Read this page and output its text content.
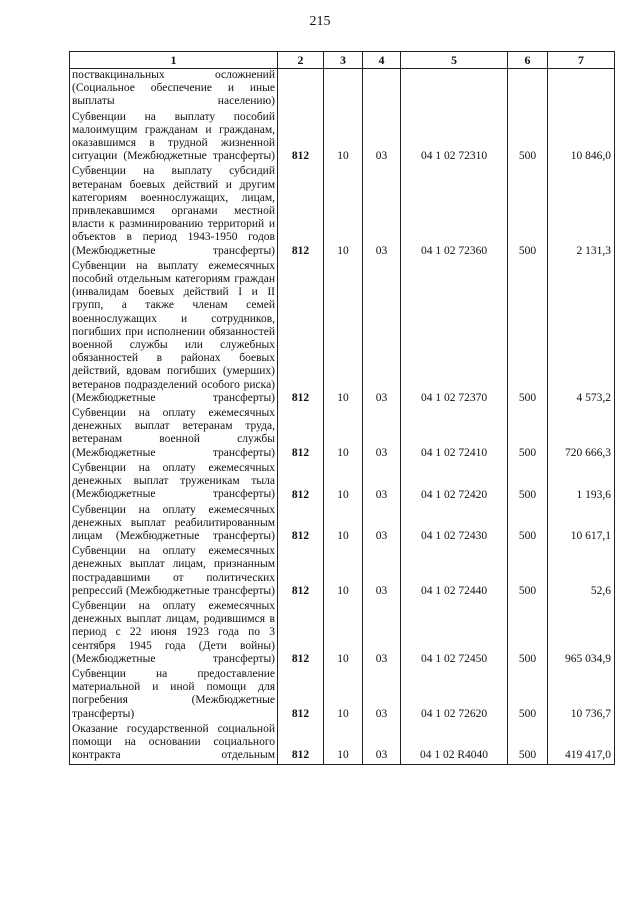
215
1	2	3	4	5	6	7
поствакцинальных осложнений (Социальное обеспечение и иные выплаты населению)						
Субвенции на выплату пособий малоимущим гражданам и гражданам, оказавшимся в трудной жизненной ситуации (Межбюджетные трансферты)	812	10	03	04 1 02 72310	500	10 846,0
Субвенции на выплату субсидий ветеранам боевых действий и другим категориям военнослужащих, лицам, привлекавшимся органами местной власти к разминированию территорий и объектов в период 1943-1950 годов (Межбюджетные трансферты)	812	10	03	04 1 02 72360	500	2 131,3
Субвенции на выплату ежемесячных пособий отдельным категориям граждан (инвалидам боевых действий I и II групп, а также членам семей военнослужащих и сотрудников, погибших при исполнении обязанностей военной службы или служебных обязанностей в районах боевых действий, вдовам погибших (умерших) ветеранов подразделений особого риска) (Межбюджетные трансферты)	812	10	03	04 1 02 72370	500	4 573,2
Субвенции на оплату ежемесячных денежных выплат ветеранам труда, ветеранам военной службы (Межбюджетные трансферты)	812	10	03	04 1 02 72410	500	720 666,3
Субвенции на оплату ежемесячных денежных выплат труженикам тыла (Межбюджетные трансферты)	812	10	03	04 1 02 72420	500	1 193,6
Субвенции на оплату ежемесячных денежных выплат реабилитированным лицам (Межбюджетные трансферты)	812	10	03	04 1 02 72430	500	10 617,1
Субвенции на оплату ежемесячных денежных выплат лицам, признанным пострадавшими от политических репрессий (Межбюджетные трансферты)	812	10	03	04 1 02 72440	500	52,6
Субвенции на оплату ежемесячных денежных выплат лицам, родившимся в период с 22 июня 1923 года по 3 сентября 1945 года (Дети войны) (Межбюджетные трансферты)	812	10	03	04 1 02 72450	500	965 034,9
Субвенции на предоставление материальной и иной помощи для погребения (Межбюджетные трансферты)	812	10	03	04 1 02 72620	500	10 736,7
Оказание государственной социальной помощи на основании социального контракта отдельным	812	10	03	04 1 02 R4040	500	419 417,0
